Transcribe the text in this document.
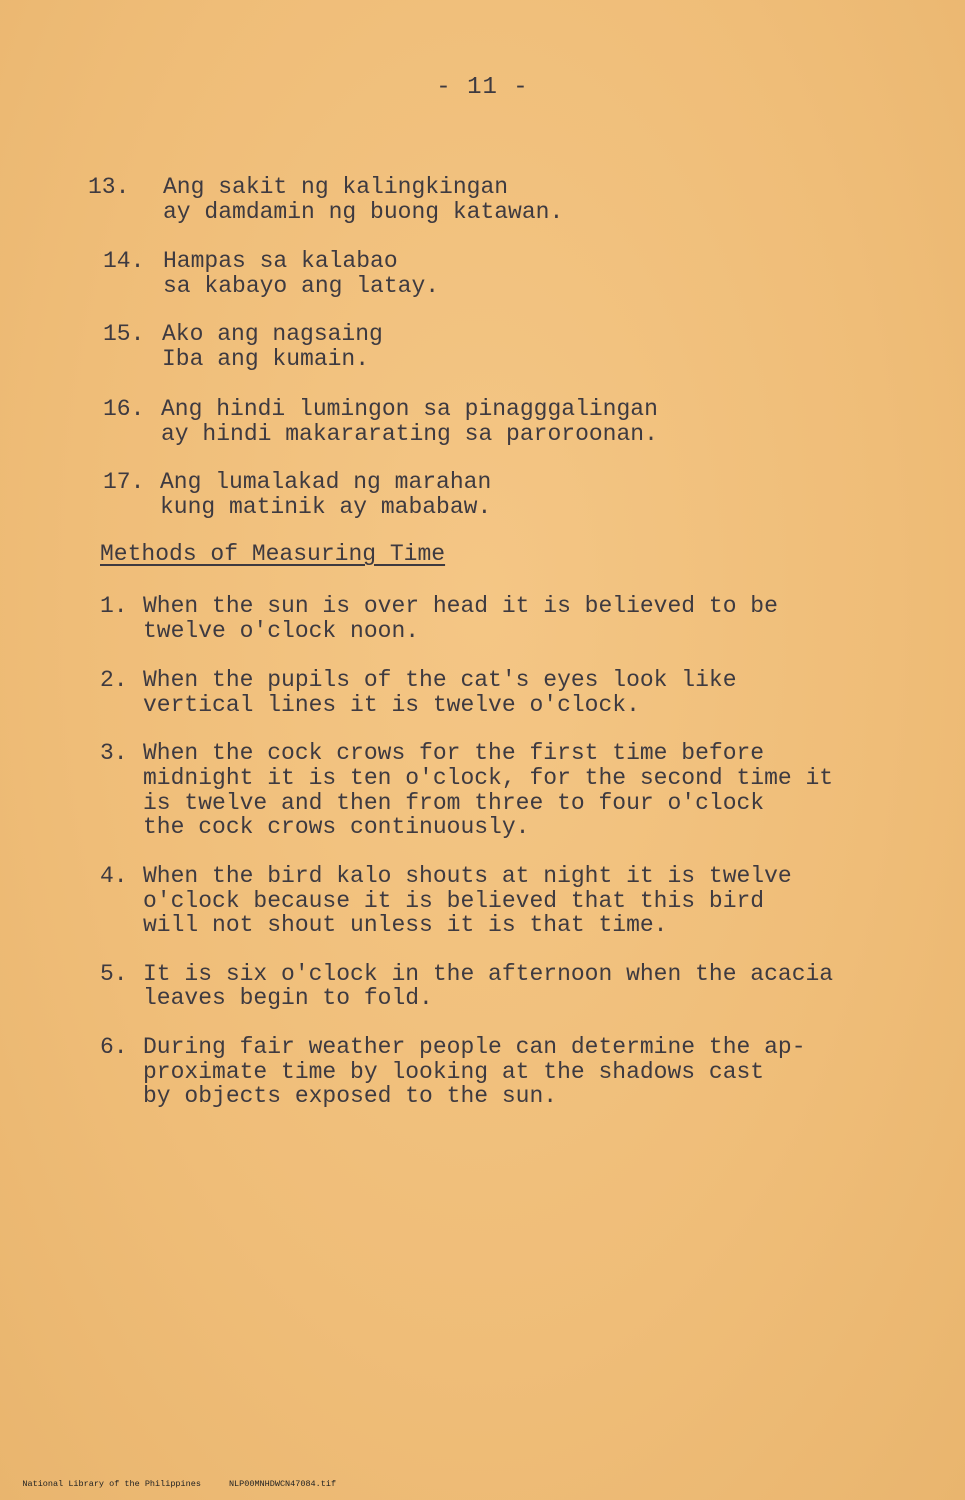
- 11 -

13.

Ang sakit ng kalingkingan

ay damdamin ng buong katawan.

14.

Hampas sa kalabao

sa kabayo ang latay.

15.

Ako ang nagsaing

Iba ang kumain.

16.

Ang hindi lumingon sa pinagggalingan

ay hindi makararating sa paroroonan.

17.

Ang lumalakad ng marahan

kung matinik ay mababaw.

Methods of Measuring Time

1.

When the sun is over head it is believed to be

twelve o'clock noon.

2.

When the pupils of the cat's eyes look like

vertical lines it is twelve o'clock.

3.

When the cock crows for the first time before

midnight it is ten o'clock, for the second time it

is twelve and then from three to four o'clock

the cock crows continuously.

4.

When the bird kalo shouts at night it is twelve

o'clock because it is believed that this bird

will not shout unless it is that time.

5.

It is six o'clock in the afternoon when the acacia

leaves begin to fold.

6.

During fair weather people can determine the ap-

proximate time by looking at the shadows cast

by objects exposed to the sun.

National Library of the Philippines	NLP00MNHDWCN47084.tif
